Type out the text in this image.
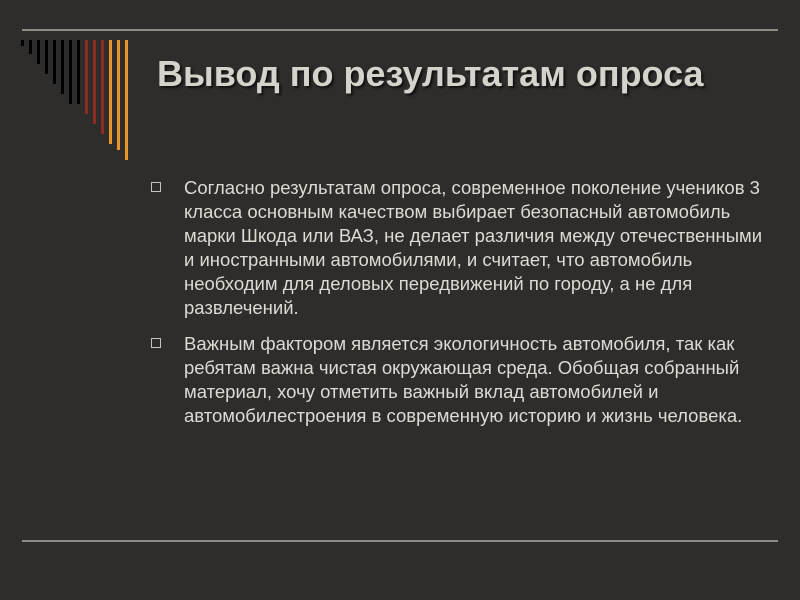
Вывод по результатам опроса
Согласно результатам опроса, современное поколение учеников 3 класса основным качеством выбирает безопасный автомобиль марки Шкода или ВАЗ, не делает различия между отечественными и иностранными автомобилями, и считает, что автомобиль необходим для деловых передвижений по городу, а не для развлечений.
Важным фактором является экологичность автомобиля, так как ребятам важна чистая окружающая среда. Обобщая собранный материал, хочу отметить важный вклад автомобилей и автомобилестроения в современную историю и жизнь человека.
